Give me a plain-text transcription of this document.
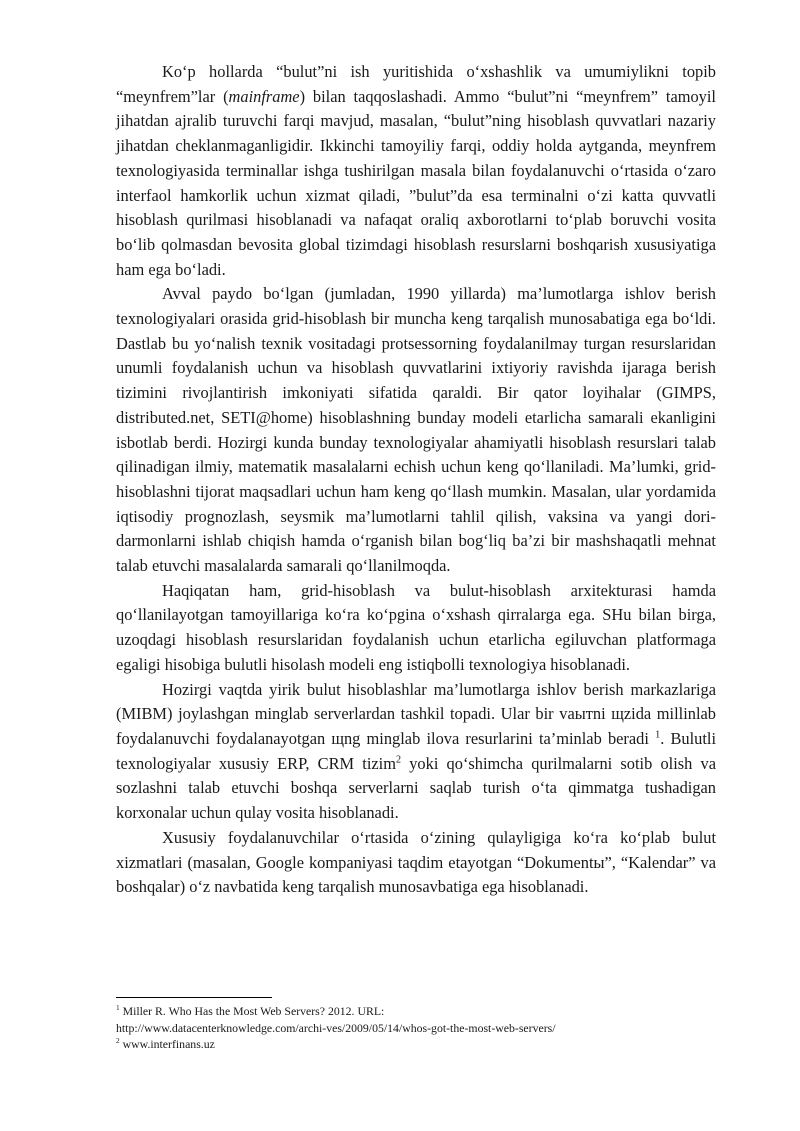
Ko‘p hollarda “bulut”ni ish yuritishida o‘xshashlik va umumiylikni topib “meynfrem”lar (mainframe) bilan taqqoslashadi. Ammo “bulut”ni “meynfrem” tamoyil jihatdan ajralib turuvchi farqi mavjud, masalan, “bulut”ning hisoblash quvvatlari nazariy jihatdan cheklanmaganligidir. Ikkinchi tamoyiliy farqi, oddiy holda aytganda, meynfrem texnologiyasida terminallar ishga tushirilgan masala bilan foydalanuvchi o‘rtasida o‘zaro interfaol hamkorlik uchun xizmat qiladi, ”bulut”da esa terminalni o‘zi katta quvvatli hisoblash qurilmasi hisoblanadi va nafaqat oraliq axborotlarni to‘plab boruvchi vosita bo‘lib qolmasdan bevosita global tizimdagi hisoblash resurslarni boshqarish xususiyatiga ham ega bo‘ladi.

Avval paydo bo‘lgan (jumladan, 1990 yillarda) ma’lumotlarga ishlov berish texnologiyalari orasida grid-hisoblash bir muncha keng tarqalish munosabatiga ega bo‘ldi. Dastlab bu yo‘nalish texnik vositadagi protsessorning foydalanilmay turgan resurslaridan unumli foydalanish uchun va hisoblash quvvatlarini ixtiyoriy ravishda ijaraga berish tizimini rivojlantirish imkoniyati sifatida qaraldi. Bir qator loyihalar (GIMPS, distributed.net, SETI@home) hisoblashning bunday modeli etarlicha samarali ekanligini isbotlab berdi. Hozirgi kunda bunday texnologiyalar ahamiyatli hisoblash resurslari talab qilinadigan ilmiy, matematik masalalarni echish uchun keng qo‘llaniladi. Ma’lumki, grid-hisoblashni tijorat maqsadlari uchun ham keng qo‘llash mumkin. Masalan, ular yordamida iqtisodiy prognozlash, seysmik ma’lumotlarni tahlil qilish, vaksina va yangi dori-darmonlarni ishlab chiqish hamda o‘rganish bilan bog‘liq ba’zi bir mashshaqatli mehnat talab etuvchi masalalarda samarali qo‘llanilmoqda.

Haqiqatan ham, grid-hisoblash va bulut-hisoblash arxitekturasi hamda qo‘llanilayotgan tamoyillariga ko‘ra ko‘pgina o‘xshash qirralarga ega. SHu bilan birga, uzoqdagi hisoblash resurslaridan foydalanish uchun etarlicha egiluvchan platformaga egaligi hisobiga bulutli hisolash modeli eng istiqbolli texnologiya hisoblanadi.

Hozirgi vaqtda yirik bulut hisoblashlar ma’lumotlarga ishlov berish markazlariga (MIBM) joylashgan minglab serverlardan tashkil topadi. Ular bir vaытni щzida millinlab foydalanuvchi foydalanayotgan щng minglab ilova resurlarini ta’minlab beradi $^1$. Bulutli texnologiyalar xususiy ERP, CRM tizim$^2$ yoki qo‘shimcha qurilmalarni sotib olish va sozlashni talab etuvchi boshqa serverlarni saqlab turish o‘ta qimmatga tushadigan korxonalar uchun qulay vosita hisoblanadi.

Xususiy foydalanuvchilar o‘rtasida o‘zining qulayligiga ko‘ra ko‘plab bulut xizmatlari (masalan, Google kompaniyasi taqdim etayotgan “Dokumentы”, “Kalendar” va boshqalar) o‘z navbatida keng tarqalish munosavbatiga ega hisoblanadi.

$^1$ Miller R. Who Has the Most Web Servers? 2012. URL:
http://www.datacenterknowledge.com/archi-ves/2009/05/14/whos-got-the-most-web-servers/

$^2$ www.interfinans.uz
